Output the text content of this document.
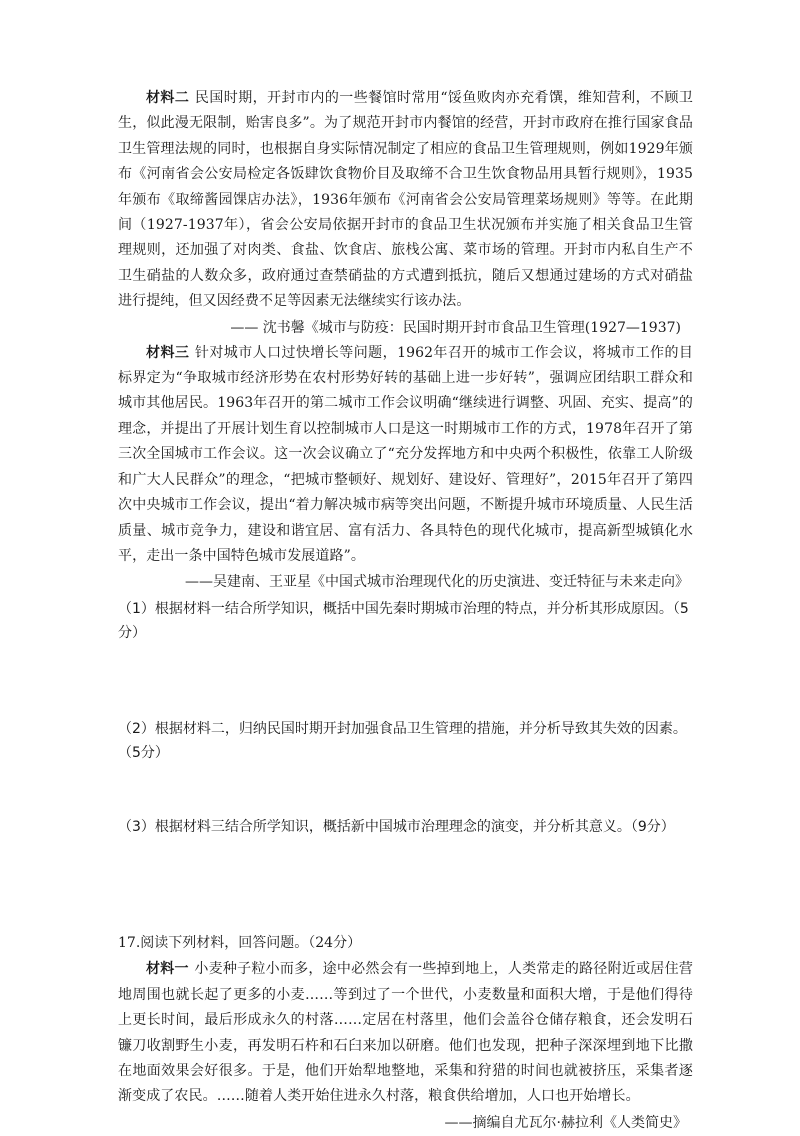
材料二 民国时期，开封市内的一些餐馆时常用“馁鱼败肉亦充肴馔，维知营利，不顾卫生，似此漫无限制，贻害良多”。为了规范开封市内餐馆的经营，开封市政府在推行国家食品卫生管理法规的同时，也根据自身实际情况制定了相应的食品卫生管理规则，例如1929年颁布《河南省会公安局检定各饭肆饮食物价目及取缔不合卫生饮食物品用具暂行规则》，1935年颁布《取缔酱园馃店办法》，1936年颁布《河南省会公安局管理菜场规则》等等。在此期间（1927-1937年），省会公安局依据开封市的食品卫生状况颁布并实施了相关食品卫生管理规则，还加强了对肉类、食盐、饮食店、旅栈公寓、菜市场的管理。开封市内私自生产不卫生硝盐的人数众多，政府通过查禁硝盐的方式遭到抵抗，随后又想通过建场的方式对硝盐进行提纯，但又因经费不足等因素无法继续实行该办法。

—— 沈书馨《城市与防疫：民国时期开封市食品卫生管理(1927—1937)

材料三 针对城市人口过快增长等问题，1962年召开的城市工作会议，将城市工作的目标界定为“争取城市经济形势在农村形势好转的基础上进一步好转”，强调应团结职工群众和城市其他居民。1963年召开的第二城市工作会议明确“继续进行调整、巩固、充实、提高”的理念，并提出了开展计划生育以控制城市人口是这一时期城市工作的方式，1978年召开了第三次全国城市工作会议。这一次会议确立了“充分发挥地方和中央两个积极性，依靠工人阶级和广大人民群众”的理念，“把城市整顿好、规划好、建设好、管理好”，2015年召开了第四次中央城市工作会议，提出“着力解决城市病等突出问题，不断提升城市环境质量、人民生活质量、城市竞争力，建设和谐宜居、富有活力、各具特色的现代化城市，提高新型城镇化水平，走出一条中国特色城市发展道路”。

——吴建南、王亚星《中国式城市治理现代化的历史演进、变迁特征与未来走向》

（1）根据材料一结合所学知识，概括中国先秦时期城市治理的特点，并分析其形成原因。（5分）

（2）根据材料二，归纳民国时期开封加强食品卫生管理的措施，并分析导致其失效的因素。（5分）

（3）根据材料三结合所学知识，概括新中国城市治理理念的演变，并分析其意义。（9分）

17.阅读下列材料，回答问题。（24分）

材料一 小麦种子粒小而多，途中必然会有一些掉到地上，人类常走的路径附近或居住营地周围也就长起了更多的小麦……等到过了一个世代，小麦数量和面积大增，于是他们得待上更长时间，最后形成永久的村落……定居在村落里，他们会盖谷仓储存粮食，还会发明石镰刀收割野生小麦，再发明石杵和石臼来加以研磨。他们也发现，把种子深深埋到地下比撒在地面效果会好很多。于是，他们开始犁地整地，采集和狩猎的时间也就被挤压，采集者逐渐变成了农民。……随着人类开始住进永久村落，粮食供给增加，人口也开始增长。

——摘编自尤瓦尔·赫拉利《人类简史》
